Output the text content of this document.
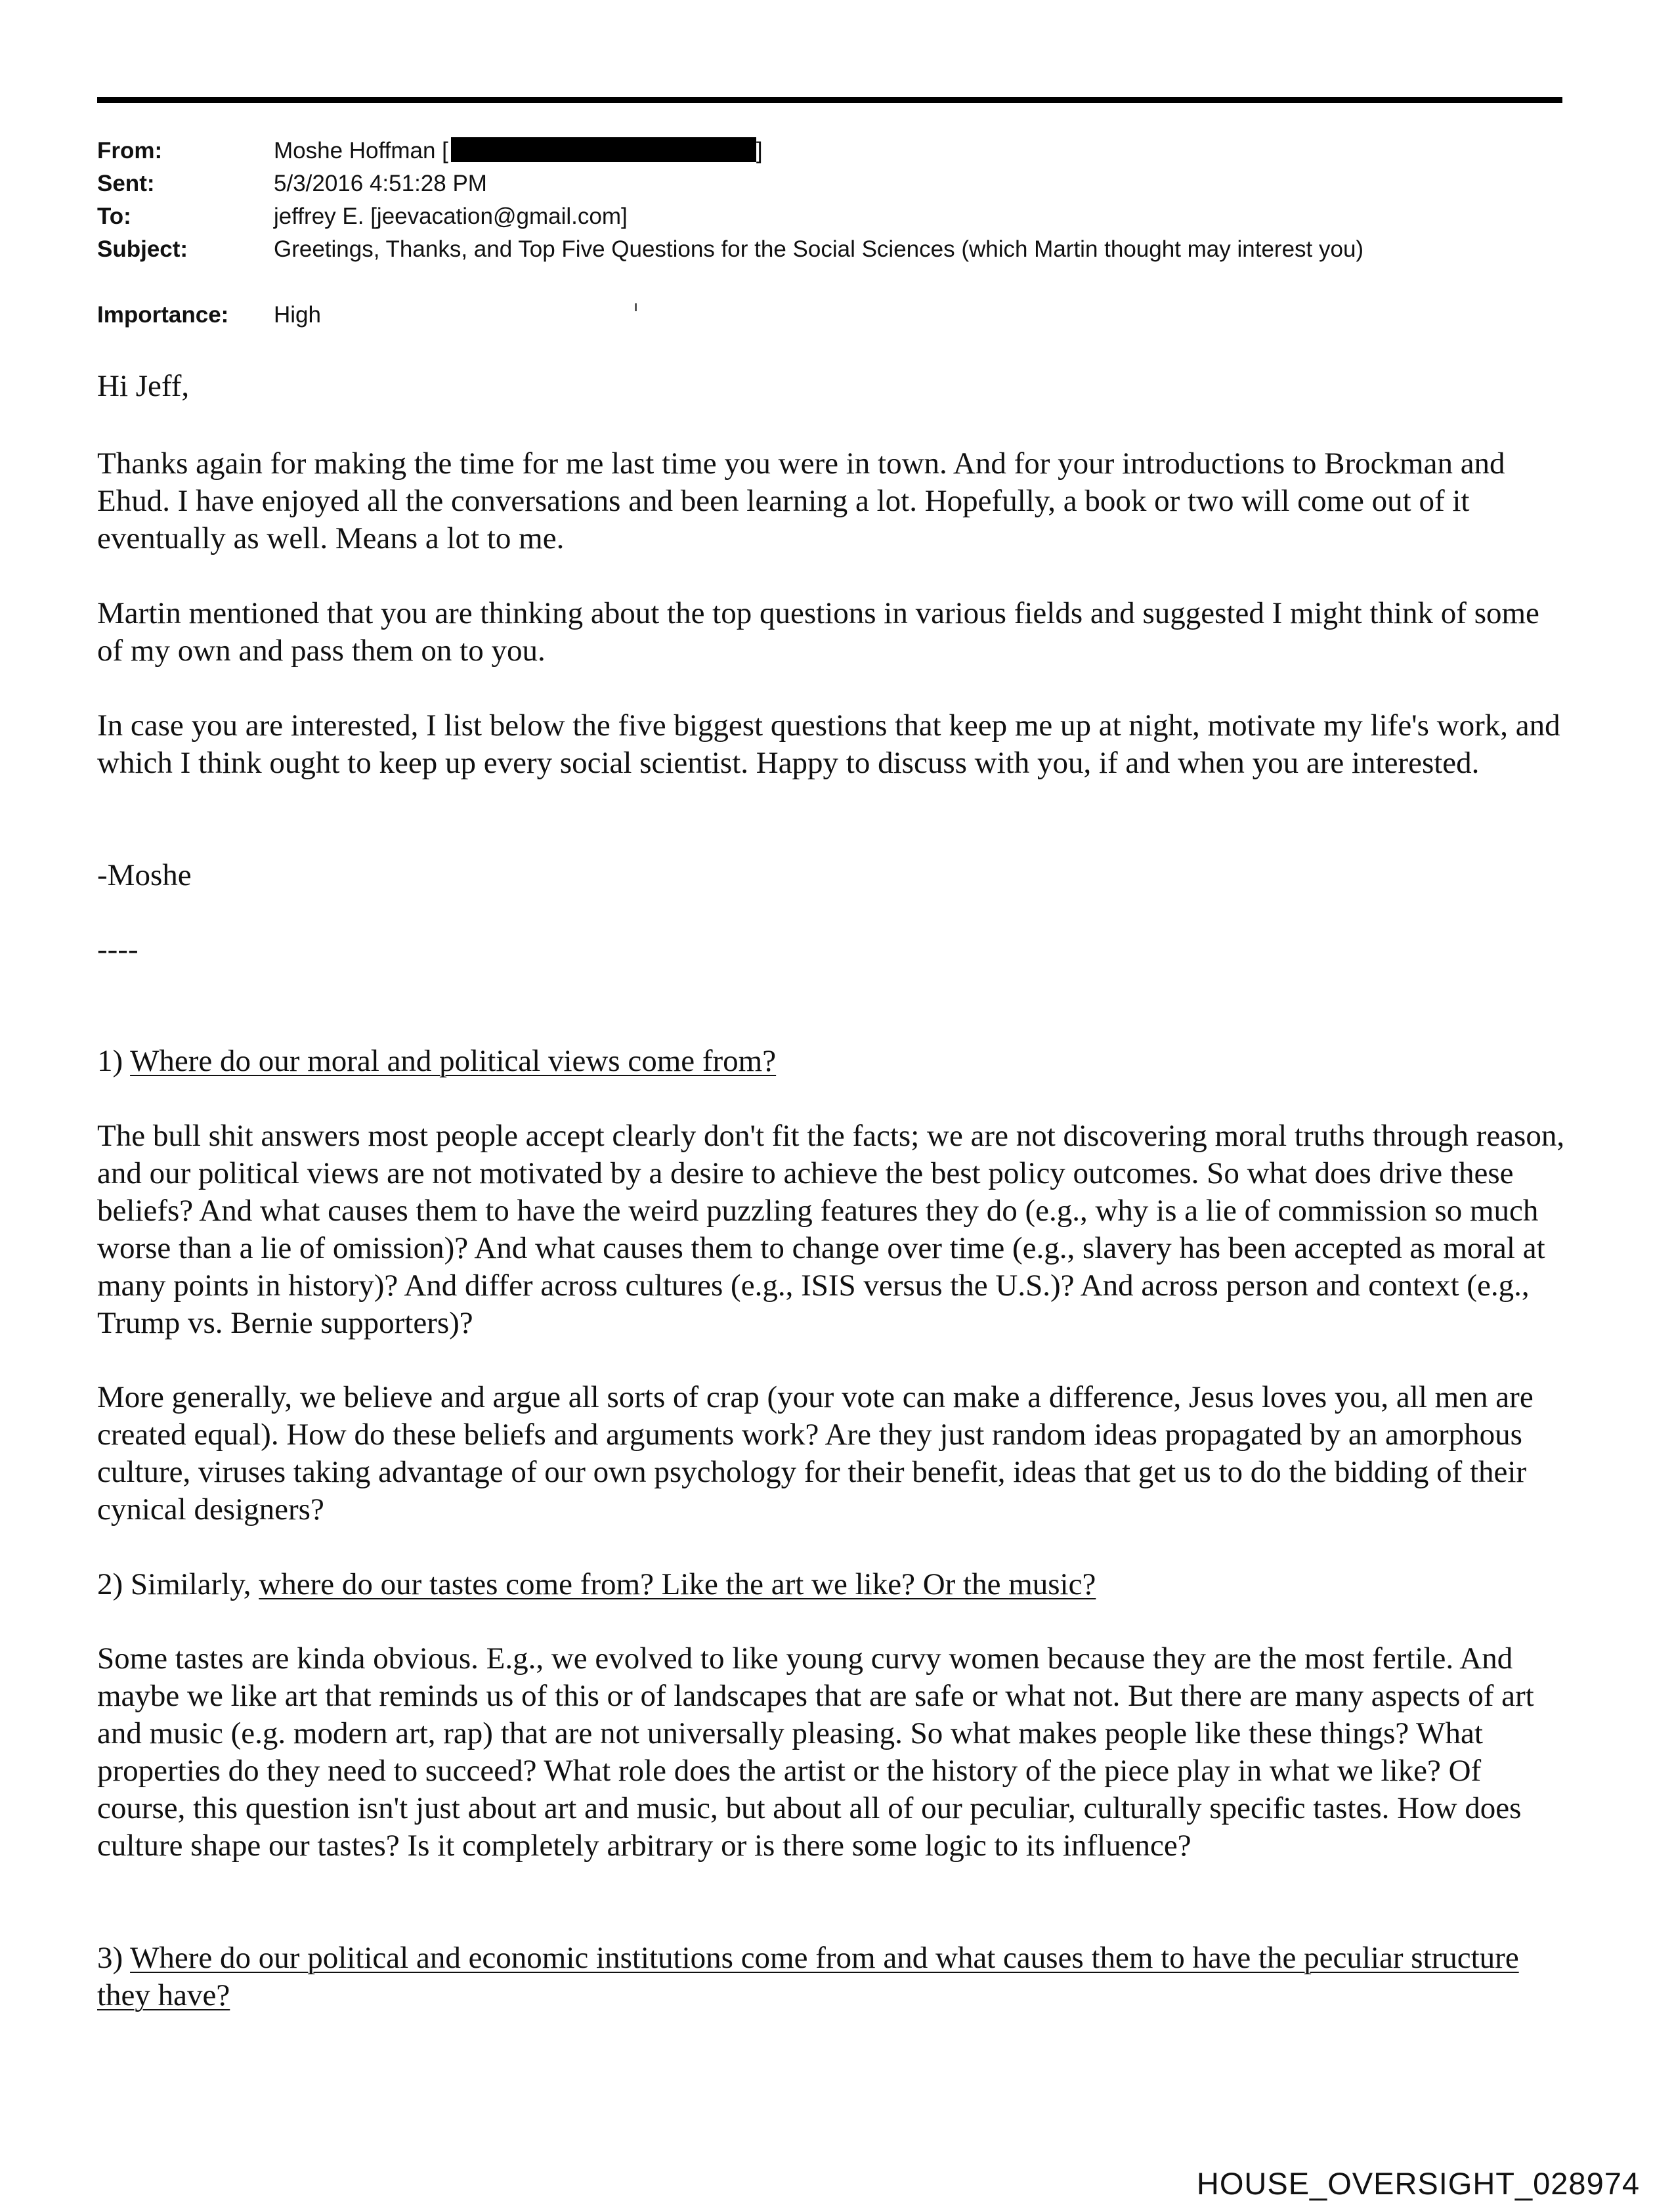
From:	Moshe Hoffman [	]
Sent:	5/3/2016 4:51:28 PM
To:	jeffrey E. [jeevacation@gmail.com]
Subject:	Greetings, Thanks, and Top Five Questions for the Social Sciences (which Martin thought may interest you)
Importance: High

Hi Jeff,

Thanks again for making the time for me last time you were in town. And for your introductions to Brockman and Ehud. I have enjoyed all the conversations and been learning a lot. Hopefully, a book or two will come out of it eventually as well. Means a lot to me.

Martin mentioned that you are thinking about the top questions in various fields and suggested I might think of some of my own and pass them on to you.

In case you are interested, I list below the five biggest questions that keep me up at night, motivate my life's work, and which I think ought to keep up every social scientist. Happy to discuss with you, if and when you are interested.

-Moshe

----

1) Where do our moral and political views come from?

The bull shit answers most people accept clearly don't fit the facts; we are not discovering moral truths through reason, and our political views are not motivated by a desire to achieve the best policy outcomes. So what does drive these beliefs? And what causes them to have the weird puzzling features they do (e.g., why is a lie of commission so much worse than a lie of omission)? And what causes them to change over time (e.g., slavery has been accepted as moral at many points in history)? And differ across cultures (e.g., ISIS versus the U.S.)? And across person and context (e.g., Trump vs. Bernie supporters)?

More generally, we believe and argue all sorts of crap (your vote can make a difference, Jesus loves you, all men are created equal). How do these beliefs and arguments work? Are they just random ideas propagated by an amorphous culture, viruses taking advantage of our own psychology for their benefit, ideas that get us to do the bidding of their cynical designers?

2) Similarly, where do our tastes come from? Like the art we like? Or the music?

Some tastes are kinda obvious. E.g., we evolved to like young curvy women because they are the most fertile. And maybe we like art that reminds us of this or of landscapes that are safe or what not. But there are many aspects of art and music (e.g. modern art, rap) that are not universally pleasing. So what makes people like these things? What properties do they need to succeed? What role does the artist or the history of the piece play in what we like? Of course, this question isn't just about art and music, but about all of our peculiar, culturally specific tastes. How does culture shape our tastes? Is it completely arbitrary or is there some logic to its influence?

3) Where do our political and economic institutions come from and what causes them to have the peculiar structure they have?

HOUSE_OVERSIGHT_028974
